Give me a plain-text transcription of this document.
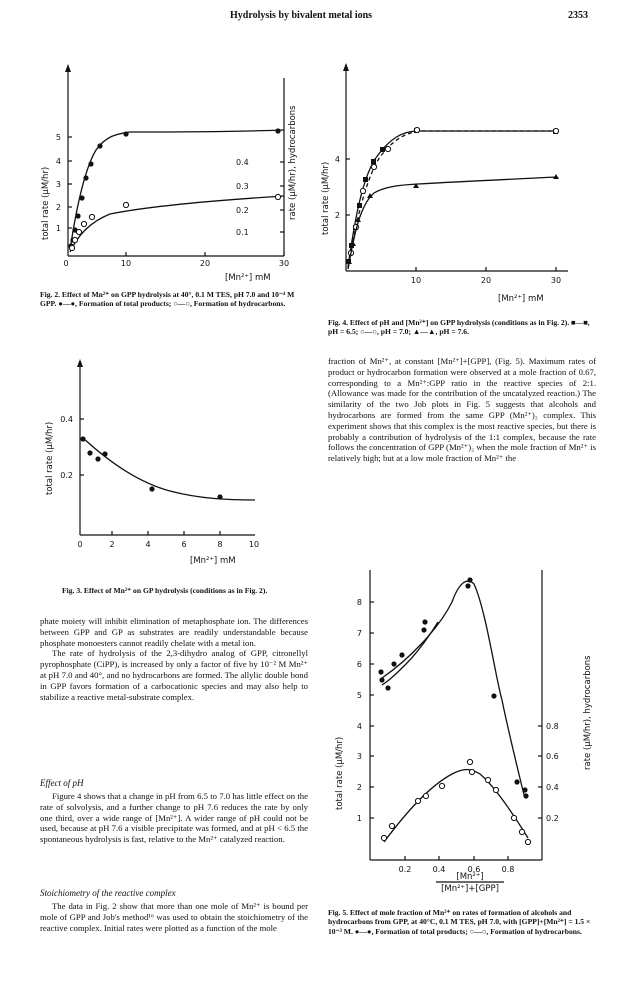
Hydrolysis by bivalent metal ions	2353
0	10	20	30
1
2
3
4
5
0.1
0.2
0.3
0.4
total rate (μM/hr)	rate (μM/hr), hydrocarbons
[Mn²⁺] mM
Fig. 2. Effect of Mn²⁺ on GPP hydrolysis at 40°, 0.1 M TES, pH 7.0 and 10⁻⁴ M GPP. ●—●, Formation of total products; ○—○, Formation of hydrocarbons.
0.2
0.4
0	2	4	6	8	10
total rate (μM/hr)
[Mn²⁺] mM
Fig. 3. Effect of Mn²⁺ on GP hydrolysis (conditions as in Fig. 2).
4
2
10	20	30
total rate (μM/hr)
[Mn²⁺] mM
Fig. 4. Effect of pH and [Mn²⁺] on GPP hydrolysis (conditions as in Fig. 2). ■—■, pH = 6.5; ○—○, pH = 7.0; ▲—▲, pH = 7.6.

fraction of Mn²⁺, at constant [Mn²⁺]+[GPP], (Fig. 5). Maximum rates of product or hydrocarbon formation were observed at a mole fraction of 0.67, corresponding to a Mn²⁺:GPP ratio in the reactive species of 2:1. (Allowance was made for the contribution of the uncatalyzed reaction.) The similarity of the two Job plots in Fig. 5 suggests that alcohols and hydrocarbons are formed from the same GPP (Mn²⁺)₂ complex. This experiment shows that this complex is the most reactive species, but there is probably a contribution of hydrolysis of the 1:1 complex, because the rate follows the concentration of GPP (Mn²⁺)₂ when the mole fraction of Mn²⁺ is relatively high; but at a low mole fraction of Mn²⁺ the

1
2
3
4
5
6
7
8
0.2
0.4
0.6
0.8
0.2	0.4	0.6	0.8
total rate (μM/hr)
rate (μM/hr), hydrocarbons
[Mn²⁺]
[Mn²⁺]+[GPP]
Fig. 5. Effect of mole fraction of Mn²⁺ on rates of formation of alcohols and hydrocarbons from GPP, at 40°C, 0.1 M TES, pH 7.0, with [GPP]+[Mn²⁺] = 1.5 × 10⁻³ M. ●—●, Formation of total products; ○—○, Formation of hydrocarbons.

phate moiety will inhibit elimination of metaphosphate ion. The differences between GPP and GP as substrates are readily understandable because phosphate monoesters cannot readily chelate with a metal ion.

The rate of hydrolysis of the 2,3-dihydro analog of GPP, citronellyl pyrophosphate (CiPP), is increased by only a factor of five by 10⁻² M Mn²⁺ at pH 7.0 and 40°, and no hydrocarbons are formed. The allylic double bond in GPP favors formation of a carbocationic species and may also help to stabilize a reactive metal-substrate complex.

Effect of pH

Figure 4 shows that a change in pH from 6.5 to 7.0 has little effect on the rate of solvolysis, and a further change to pH 7.6 reduces the rate by only one third, over a wide range of [Mn²⁺]. A wider range of pH could not be used, because at pH 7.6 a visible precipitate was formed, and at pH < 6.5 the spontaneous hydrolysis is fast, relative to the Mn²⁺ catalyzed reaction.

Stoichiometry of the reactive complex

The data in Fig. 2 show that more than one mole of Mn²⁺ is bound per mole of GPP and Job's method¹⁶ was used to obtain the stoichiometry of the reactive complex. Initial rates were plotted as a function of the mole
